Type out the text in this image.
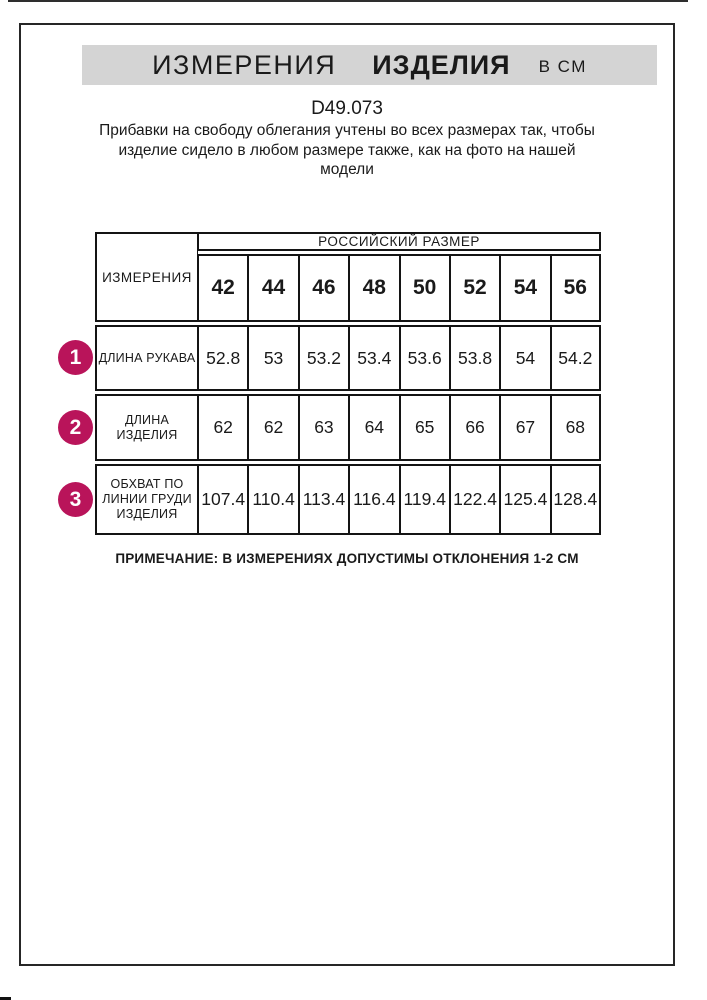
ИЗМЕРЕНИЯ ИЗДЕЛИЯ В СМ
D49.073
Прибавки на свободу облегания учтены во всех размерах так, чтобы
изделие сидело в любом размере также, как на фото на нашей
модели
ИЗМЕРЕНИЯ	РОССИЙСКИЙ РАЗМЕР							
	42	44	46	48	50	52	54	56

ДЛИНА РУКАВА	52.8	53	53.2	53.4	53.6	53.8	54	54.2

ДЛИНА
ИЗДЕЛИЯ	62	62	63	64	65	66	67	68

ОБХВАТ ПО
ЛИНИИ ГРУДИ
ИЗДЕЛИЯ	107.4	110.4	113.4	116.4	119.4	122.4	125.4	128.4
1
2
3
ПРИМЕЧАНИЕ: В ИЗМЕРЕНИЯХ ДОПУСТИМЫ ОТКЛОНЕНИЯ 1-2 СМ
